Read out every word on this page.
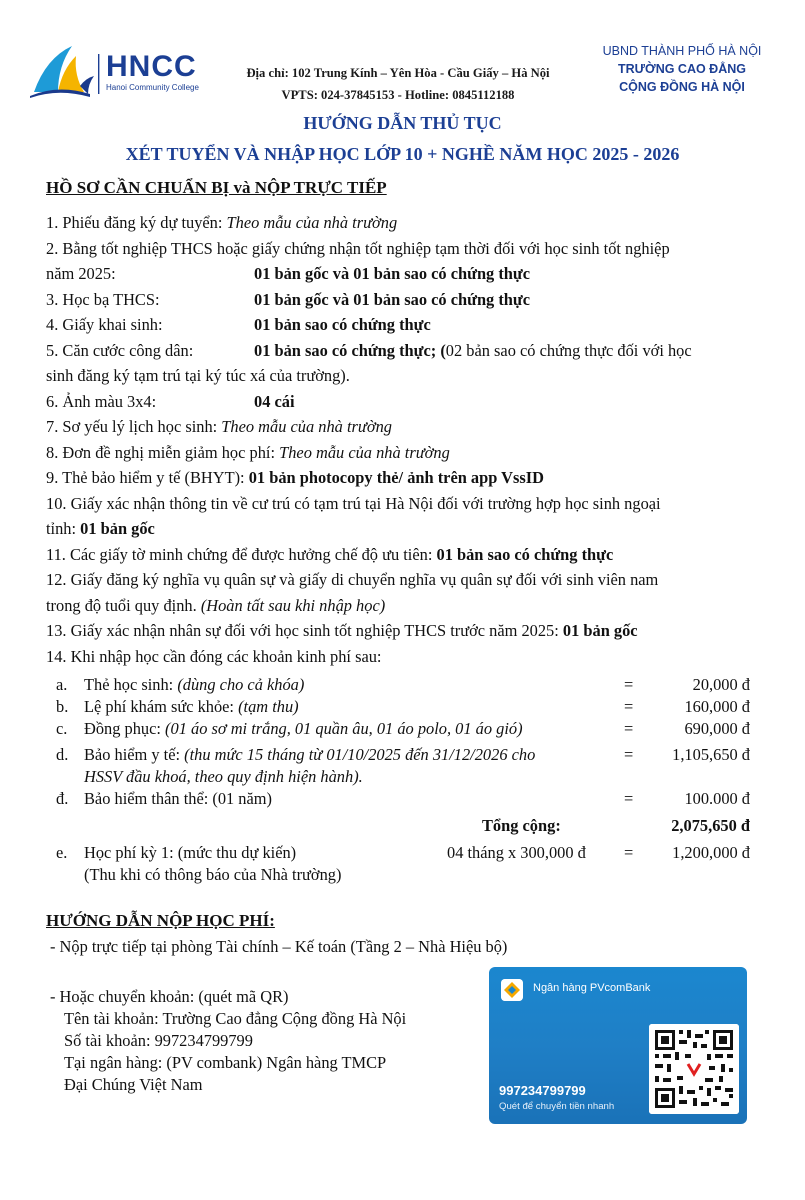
HNCC
Hanoi Community College
Địa chỉ: 102 Trung Kính – Yên Hòa - Cầu Giấy – Hà Nội
VPTS: 024-37845153 - Hotline: 0845112188
UBND THÀNH PHỐ HÀ NỘI
TRƯỜNG CAO ĐẲNG
CỘNG ĐỒNG HÀ NỘI
HƯỚNG DẪN THỦ TỤC
XÉT TUYỂN VÀ NHẬP HỌC LỚP 10 + NGHỀ NĂM HỌC 2025 - 2026
HỒ SƠ CẦN CHUẨN BỊ và NỘP TRỰC TIẾP
1. Phiếu đăng ký dự tuyển: Theo mẫu của nhà trường
2. Bằng tốt nghiệp THCS hoặc giấy chứng nhận tốt nghiệp tạm thời đối với học sinh tốt nghiệp
năm 2025:	01 bản gốc và 01 bản sao có chứng thực
3. Học bạ THCS:	01 bản gốc và 01 bản sao có chứng thực
4. Giấy khai sinh:	01 bản sao có chứng thực
5. Căn cước công dân:	01 bản sao có chứng thực; (02 bản sao có chứng thực đối với học
sinh đăng ký tạm trú tại ký túc xá của trường).
6. Ảnh màu 3x4:	04 cái
7. Sơ yếu lý lịch học sinh: Theo mẫu của nhà trường
8. Đơn đề nghị miễn giảm học phí: Theo mẫu của nhà trường
9. Thẻ bảo hiểm y tế (BHYT): 01 bản photocopy thẻ/ ảnh trên app VssID
10. Giấy xác nhận thông tin về cư trú có tạm trú tại Hà Nội đối với trường hợp học sinh ngoại
tỉnh: 01 bản gốc
11. Các giấy tờ minh chứng để được hưởng chế độ ưu tiên: 01 bản sao có chứng thực
12. Giấy đăng ký nghĩa vụ quân sự và giấy di chuyển nghĩa vụ quân sự đối với sinh viên nam
trong độ tuổi quy định. (Hoàn tất sau khi nhập học)
13. Giấy xác nhận nhân sự đối với học sinh tốt nghiệp THCS trước năm 2025: 01 bản gốc
14. Khi nhập học cần đóng các khoản kinh phí sau:
a. Thẻ học sinh: (dùng cho cả khóa)	=	20,000 đ
b. Lệ phí khám sức khỏe: (tạm thu)	=	160,000 đ
c. Đồng phục: (01 áo sơ mi trắng, 01 quần âu, 01 áo polo, 01 áo gió)	=	690,000 đ
d. Bảo hiểm y tế: (thu mức 15 tháng từ 01/10/2025 đến 31/12/2026 cho
HSSV đầu khoá, theo quy định hiện hành).
=	1,105,650 đ
đ. Bảo hiểm thân thể: (01 năm)	=	100.000 đ
Tổng cộng:	2,075,650 đ
e. Học phí kỳ 1: (mức thu dự kiến)
(Thu khi có thông báo của Nhà trường)
04 tháng x 300,000 đ =	1,200,000 đ
HƯỚNG DẪN NỘP HỌC PHÍ:
- Nộp trực tiếp tại phòng Tài chính – Kế toán (Tầng 2 – Nhà Hiệu bộ)
- Hoặc chuyển khoản: (quét mã QR)
Tên tài khoản: Trường Cao đẳng Cộng đồng Hà Nội
Số tài khoản: 997234799799
Tại ngân hàng: (PV combank) Ngân hàng TMCP
Đại Chúng Việt Nam
Ngân hàng PVcomBank
997234799799
Quét để chuyển tiền nhanh
